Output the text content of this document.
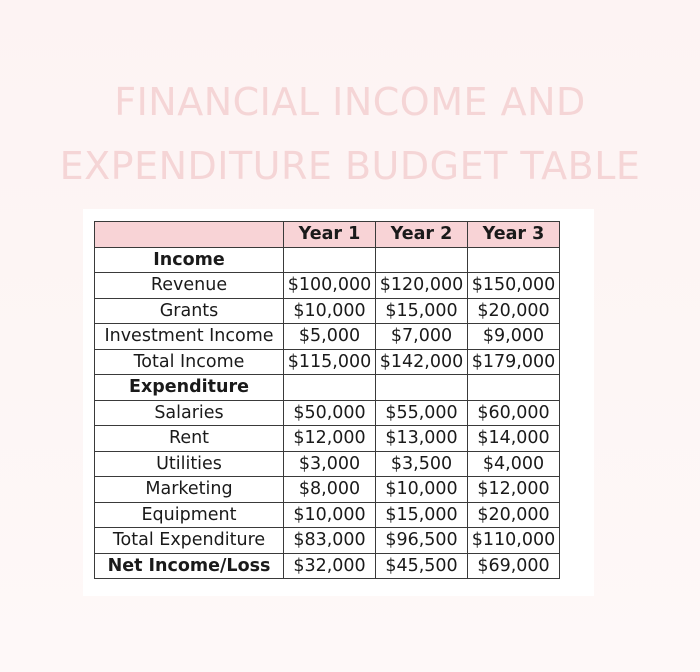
FINANCIAL INCOME AND
EXPENDITURE BUDGET TABLE
	Year 1	Year 2	Year 3
Income			
Revenue	$100,000	$120,000	$150,000
Grants	$10,000	$15,000	$20,000
Investment Income	$5,000	$7,000	$9,000
Total Income	$115,000	$142,000	$179,000
Expenditure			
Salaries	$50,000	$55,000	$60,000
Rent	$12,000	$13,000	$14,000
Utilities	$3,000	$3,500	$4,000
Marketing	$8,000	$10,000	$12,000
Equipment	$10,000	$15,000	$20,000
Total Expenditure	$83,000	$96,500	$110,000
Net Income/Loss	$32,000	$45,500	$69,000
